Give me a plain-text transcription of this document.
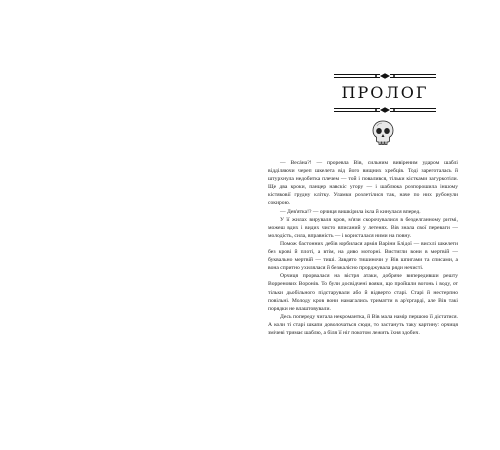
ПРОЛОГ

— Весáна?! — проревла Вів, сильним вивіреним ударом шаблі відділяючи череп шкелета від його вищних хребців. Тоді зареготалась й штурхнула недобитка плечем — той і повалився, тільки кістками загуркотіли. Ще два кроки, панцер навскіс угору — і шаблюка розпорошила іншому кістяковії грудну клітку. Уламки розлетілися так, наче по них рубонули сокирою.

— Дев'ятка!? — орчиця вишкірила ікла й кинулася вперед.

У її жилах вируваля кров, м'язи скорочувалися в безделганному ритмі, можеш вдих і видих чисто вписаний у летенях. Вів знала свої переваги — молодість, сила, вправність — і користалася ними на повну.

Помож бастонних дебів юрбилася армія Варіни Блідої — висхлі шкелети без крові й плоті, а втім, на диво моторні. Вистигли вони в мертвій — буквально мертвій — тиші. Завдято тишиночи у Вів шпигами та списами, а вона спритно ухилялася й безжалісно прорджувала ряди нечисті.

Орчиця прорвалася на вістря атаки, добряче випередивши решту Ворренових Воронів. То були досвідчені вояки, що пройшли вогонь і воду, от тільки дьобільного підстарували або й відверто старі. Старі й нестерпно повільні. Молоду кров вони намагались триматти в ар'єргарді, але Вів такі порядки не влаштовували.

Десь попереду чигала некромантка, й Вів мала намір першою її дістатися. А коли ті старі шкапи доволочаться сюди, то застануть таку картину: орчиця змічеві тримає шаблю, а біля її ніг покотом лежить їхня здобич.
